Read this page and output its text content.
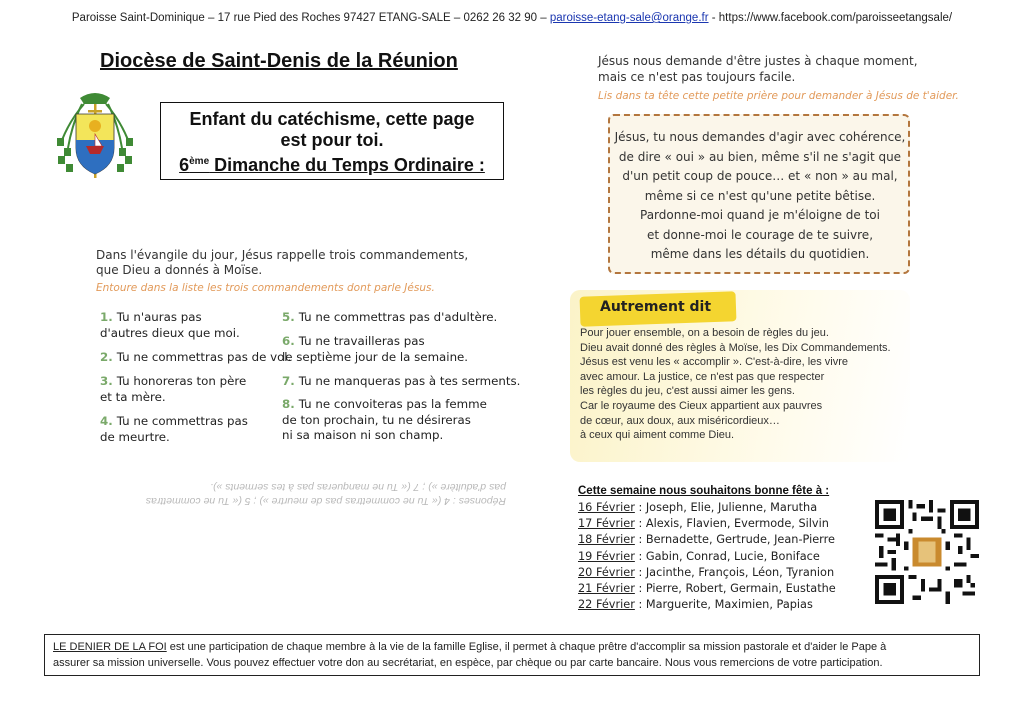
Paroisse Saint-Dominique – 17 rue Pied des Roches 97427 ETANG-SALE – 0262 26 32 90 – paroisse-etang-sale@orange.fr - https://www.facebook.com/paroisseetangsale/
Diocèse de Saint-Denis de la Réunion
Enfant du catéchisme, cette page
est pour toi.
6ème Dimanche du Temps Ordinaire :
Dans l'évangile du jour, Jésus rappelle trois commandements,
que Dieu a donnés à Moïse.
Entoure dans la liste les trois commandements dont parle Jésus.
1. Tu n'auras pas
d'autres dieux que moi.
2. Tu ne commettras pas de vol.
3. Tu honoreras ton père
et ta mère.
4. Tu ne commettras pas
de meurtre.
5. Tu ne commettras pas d'adultère.
6. Tu ne travailleras pas
le septième jour de la semaine.
7. Tu ne manqueras pas à tes serments.
8. Tu ne convoiteras pas la femme
de ton prochain, tu ne désireras
ni sa maison ni son champ.
Réponses : 4 (« Tu ne commettras pas de meurtre ») ; 5 (« Tu ne commettras
pas d'adultère ») ; 7 (« Tu ne manqueras pas à tes serments »).
Jésus nous demande d'être justes à chaque moment,
mais ce n'est pas toujours facile.
Lis dans ta tête cette petite prière pour demander à Jésus de t'aider.
Jésus, tu nous demandes d'agir avec cohérence,
de dire « oui » au bien, même s'il ne s'agit que
d'un petit coup de pouce… et « non » au mal,
même si ce n'est qu'une petite bêtise.
Pardonne-moi quand je m'éloigne de toi
et donne-moi le courage de te suivre,
même dans les détails du quotidien.
Autrement dit
Pour jouer ensemble, on a besoin de règles du jeu.
Dieu avait donné des règles à Moïse, les Dix Commandements.
Jésus est venu les « accomplir ». C'est-à-dire, les vivre
avec amour. La justice, ce n'est pas que respecter
les règles du jeu, c'est aussi aimer les gens.
Car le royaume des Cieux appartient aux pauvres
de cœur, aux doux, aux miséricordieux…
à ceux qui aiment comme Dieu.
Cette semaine nous souhaitons bonne fête à :
16 Février : Joseph, Elie, Julienne, Marutha
17 Février : Alexis, Flavien, Evermode, Silvin
18 Février : Bernadette, Gertrude, Jean-Pierre
19 Février : Gabin, Conrad, Lucie, Boniface
20 Février : Jacinthe, François, Léon, Tyranion
21 Février : Pierre, Robert, Germain, Eustathe
22 Février : Marguerite, Maximien, Papias
LE DENIER DE LA FOI est une participation de chaque membre à la vie de la famille Eglise, il permet à chaque prêtre d'accomplir sa mission pastorale et d'aider le Pape à
assurer sa mission universelle. Vous pouvez effectuer votre don au secrétariat, en espèce, par chèque ou par carte bancaire. Nous vous remercions de votre participation.
